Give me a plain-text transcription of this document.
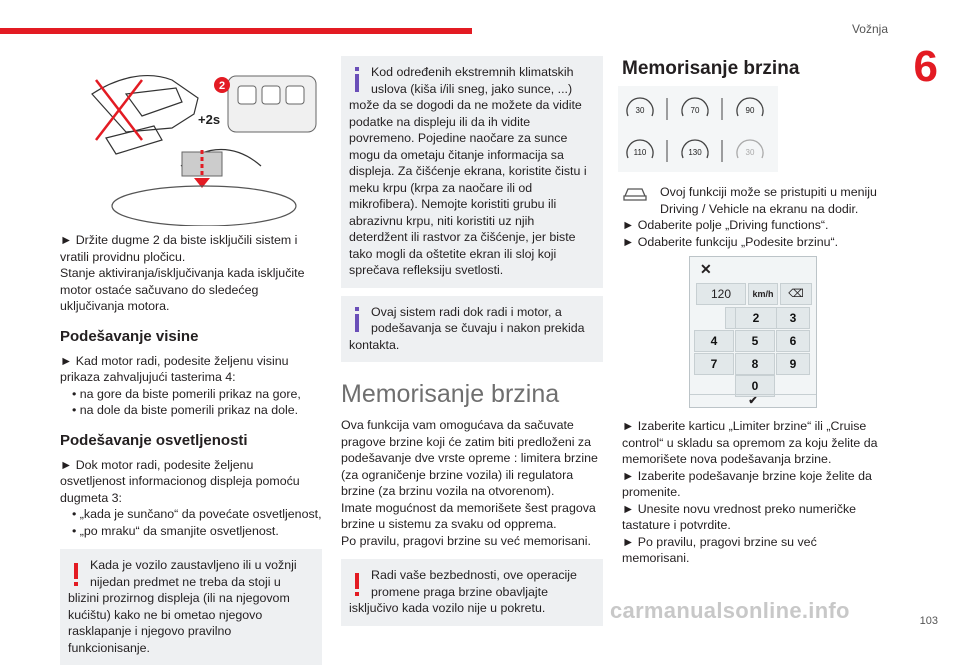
Vožnja
6
103
carmanualsonline.info
2
+2s

► Držite dugme 2 da biste isključili sistem i vratili providnu pločicu.

Stanje aktiviranja/isključivanja kada isključite motor ostaće sačuvano do sledećeg uključivanja motora.

Podešavanje visine

► Kad motor radi, podesite željenu visinu prikaza zahvaljujući tasterima 4:

• na gore da biste pomerili prikaz na gore,

• na dole da biste pomerili prikaz na dole.

Podešavanje osvetljenosti

► Dok motor radi, podesite željenu osvetljenost informacionog displeja pomoću dugmeta 3:

• „kada je sunčano“ da povećate osvetljenost,

• „po mraku“ da smanjite osvetljenost.

Kada je vozilo zaustavljeno ili u vožnji nijedan predmet ne treba da stoji u blizini prozirnog displeja (ili na njegovom kućištu) kako ne bi ometao njegovo rasklapanje i njegovo pravilno funkcionisanje.
Kod određenih ekstremnih klimatskih uslova (kiša i/ili sneg, jako sunce, ...) može da se dogodi da ne možete da vidite podatke na displeju ili da ih vidite povremeno. Pojedine naočare za sunce mogu da ometaju čitanje informacija sa displeja. Za čišćenje ekrana, koristite čistu i meku krpu (krpa za naočare ili od mikrofibera). Nemojte koristiti grubu ili abrazivnu krpu, niti koristiti uz njih deterdžent ili rastvor za čišćenje, jer biste tako mogli da oštetite ekran ili sloj koji sprečava refleksiju svetlosti.
Ovaj sistem radi dok radi i motor, a podešavanja se čuvaju i nakon prekida kontakta.
Memorisanje brzina

Ova funkcija vam omogućava da sačuvate pragove brzine koji će zatim biti predloženi za podešavanje dve vrste opreme : limitera brzine (za ograničenje brzine vozila) ili regulatora brzine (za brzinu vozila na otvorenom).

Imate mogućnost da memorišete šest pragova brzine u sistemu za svaku od opprema.

Po pravilu, pragovi brzine su već memorisani.

Radi vaše bezbednosti, ove operacije promene praga brzine obavljajte isključivo kada vozilo nije u pokretu.
Memorisanje brzina
30	70	90
110	130	30

Ovoj funkciji može se pristupiti u meniju Driving / Vehicle na ekranu na dodir.

► Odaberite polje „Driving functions“.

► Odaberite funkciju „Podesite brzinu“.

✕
120	km/h	⌫
2	3
4	5	6
7	8	9
0
✔

► Izaberite karticu „Limiter brzine“ ili „Cruise control“ u skladu sa opremom za koju želite da memorišete nova podešavanja brzine.

► Izaberite podešavanje brzine koje želite da promenite.

► Unesite novu vrednost preko numeričke tastature i potvrdite.

► Po pravilu, pragovi brzine su već memorisani.
